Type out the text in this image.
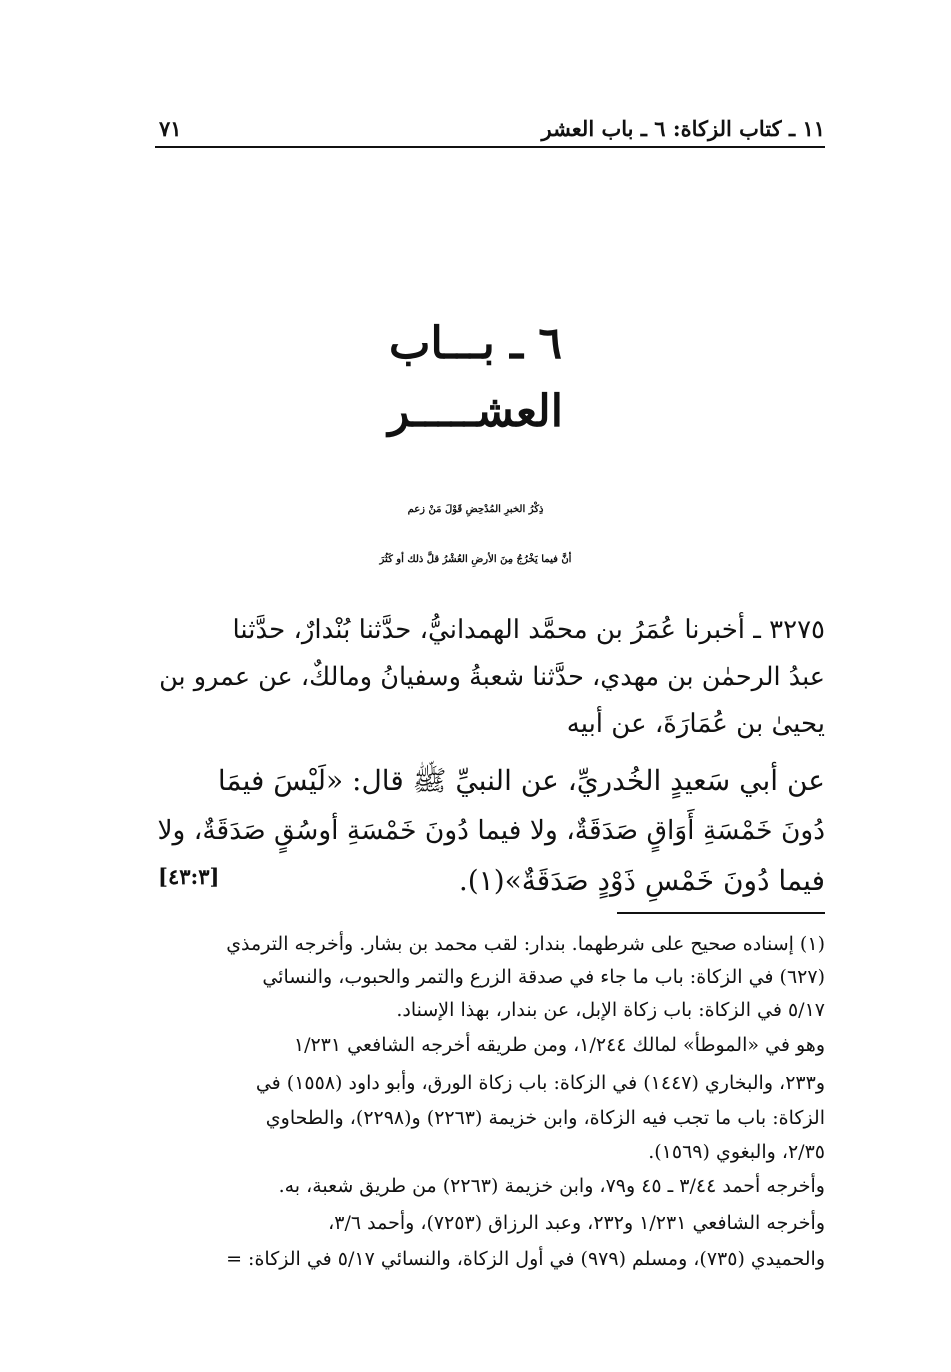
١١ ـ كتاب الزكاة: ٦ ـ باب العشر
٧١
٦ ـ بـــاب
العشـــــر
ذِكْرُ الخبرِ المُدْحِضِ قَوْلَ مَنْ زعم
أنَّ فيما يَخْرُجُ مِنَ الأرضِ العُشْرُ قلَّ ذلك أو كَثُرَ
٣٢٧٥ ـ أخبرنا عُمَرُ بن محمَّد الهمدانيُّ، حدَّثنا بُنْدارٌ، حدَّثنا
عبدُ الرحمٰن بن مهدي، حدَّثنا شعبةُ وسفيانُ ومالكٌ، عن عمرو بن
يحيىٰ بن عُمَارَةَ، عن أبيه
عن أبي سَعيدٍ الخُدريِّ، عن النبيِّ ﷺ قال: «لَيْسَ فيمَا
دُونَ خَمْسَةِ أَوَاقٍ صَدَقَةٌ، ولا فيما دُونَ خَمْسَةِ أوسُقٍ صَدَقَةٌ، ولا
فيما دُونَ خَمْسِ ذَوْدٍ صَدَقَةٌ»(١).
[٤٣:٣]
(١) إسناده صحيح على شرطهما. بندار: لقب محمد بن بشار. وأخرجه الترمذي
(٦٢٧) في الزكاة: باب ما جاء في صدقة الزرع والتمر والحبوب، والنسائي
٥/١٧ في الزكاة: باب زكاة الإبل، عن بندار، بهذا الإسناد.
وهو في «الموطأ» لمالك ١/٢٤٤، ومن طريقه أخرجه الشافعي ١/٢٣١
و٢٣٣، والبخاري (١٤٤٧) في الزكاة: باب زكاة الورق، وأبو داود (١٥٥٨) في
الزكاة: باب ما تجب فيه الزكاة، وابن خزيمة (٢٢٦٣) و(٢٢٩٨)، والطحاوي
٢/٣٥، والبغوي (١٥٦٩).
وأخرجه أحمد ٣/٤٤ ـ ٤٥ و٧٩، وابن خزيمة (٢٢٦٣) من طريق شعبة، به.
وأخرجه الشافعي ١/٢٣١ و٢٣٢، وعبد الرزاق (٧٢٥٣)، وأحمد ٣/٦،
والحميدي (٧٣٥)، ومسلم (٩٧٩) في أول الزكاة، والنسائي ٥/١٧ في الزكاة: =
